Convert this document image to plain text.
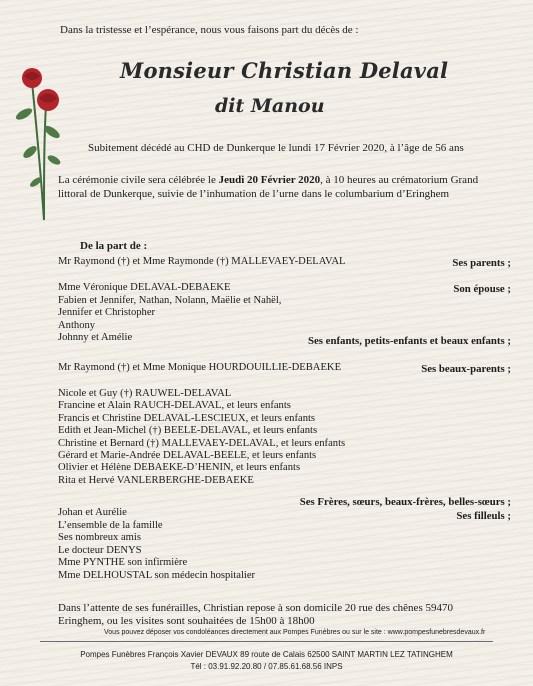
Dans la tristesse et l’espérance, nous vous faisons part du décès de :
Monsieur Christian Delaval
dit Manou
Subitement décédé au CHD de Dunkerque le lundi 17 Février 2020, à l’âge de 56 ans
La cérémonie civile sera célébrée le Jeudi 20 Février 2020, à 10 heures au crématorium Grand
littoral de Dunkerque, suivie de l’inhumation de l’urne dans le columbarium d’Eringhem
De la part de :
Mr Raymond (†) et Mme Raymonde (†) MALLEVAEY-DELAVAL	Ses parents ;
Mme Véronique DELAVAL-DEBAEKE	Son épouse ;
Fabien et Jennifer, Nathan, Nolann, Maëlie et Nahël,
Jennifer et Christopher
Anthony
Johnny et Amélie	Ses enfants, petits-enfants et beaux enfants ;
Mr Raymond (†) et Mme Monique HOURDOUILLIE-DEBAEKE	Ses beaux-parents ;
Nicole et Guy (†) RAUWEL-DELAVAL
Francine et Alain RAUCH-DELAVAL, et leurs enfants
Francis et Christine DELAVAL-LESCIEUX, et leurs enfants
Edith et Jean-Michel (†) BEELE-DELAVAL, et leurs enfants
Christine et Bernard (†) MALLEVAEY-DELAVAL, et leurs enfants
Gérard et Marie-Andrée DELAVAL-BEELE, et leurs enfants
Olivier et Hélène DEBAEKE-D’HENIN, et leurs enfants
Rita et Hervé VANLERBERGHE-DEBAEKE
Ses Frères, sœurs, beaux-frères, belles-sœurs ;
Ses filleuls ;
Johan et Aurélie
L’ensemble de la famille
Ses nombreux amis
Le docteur DENYS
Mme PYNTHE son infirmière
Mme DELHOUSTAL son médecin hospitalier
Dans l’attente de ses funérailles, Christian repose à son domicile 20 rue des chênes 59470
Eringhem, ou les visites sont souhaitées de 15h00 à 18h00
Vous pouvez déposer vos condoléances directement aux Pompes Funèbres ou sur le site : www.pompesfunebresdevaux.fr
Pompes Funèbres François Xavier DEVAUX 89 route de Calais 62500 SAINT MARTIN LEZ TATINGHEM
Tél : 03.91.92.20.80 / 07.85.61.68.56 INPS
